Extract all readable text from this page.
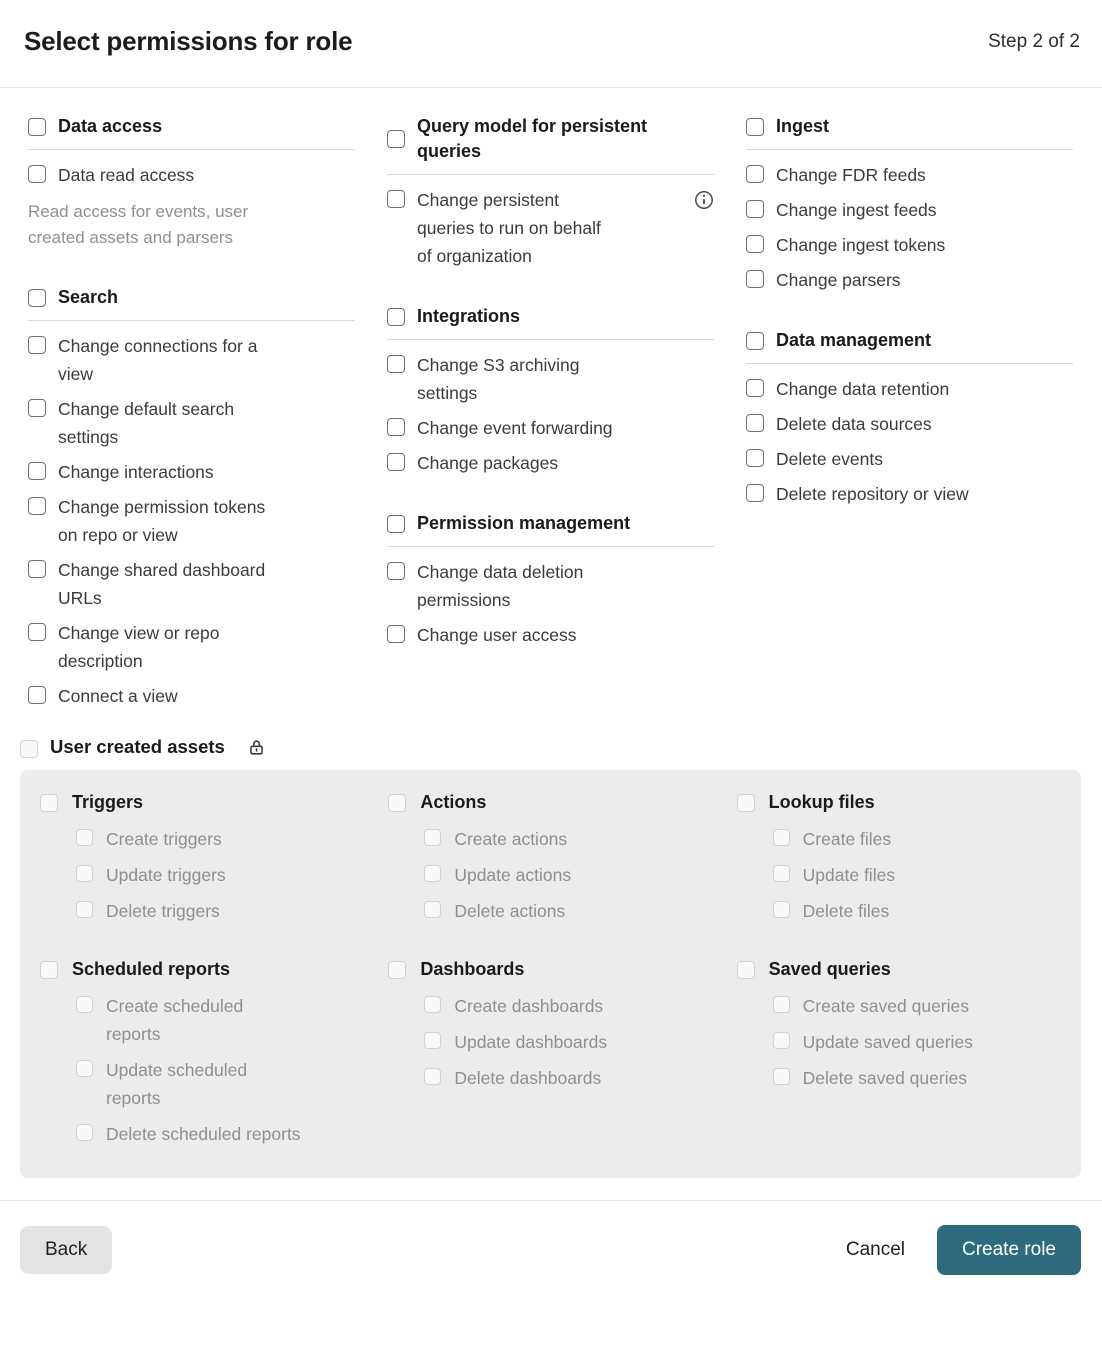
Select permissions for role	Step 2 of 2
Data access
Data read access

Read access for events, user created assets and parsers

Search
Change connections for a view
Change default search settings
Change interactions
Change permission tokens on repo or view
Change shared dashboard URLs
Change view or repo description
Connect a view
Query model for persistent queries
Change persistent queries to run on behalf of organization
Integrations
Change S3 archiving settings
Change event forwarding
Change packages
Permission management
Change data deletion permissions
Change user access
Ingest
Change FDR feeds
Change ingest feeds
Change ingest tokens
Change parsers
Data management
Change data retention
Delete data sources
Delete events
Delete repository or view
User created assets
Triggers
Create triggers
Update triggers
Delete triggers
Actions
Create actions
Update actions
Delete actions
Lookup files
Create files
Update files
Delete files
Scheduled reports
Create scheduled reports
Update scheduled reports
Delete scheduled reports
Dashboards
Create dashboards
Update dashboards
Delete dashboards
Saved queries
Create saved queries
Update saved queries
Delete saved queries
Back	Cancel	Create role
